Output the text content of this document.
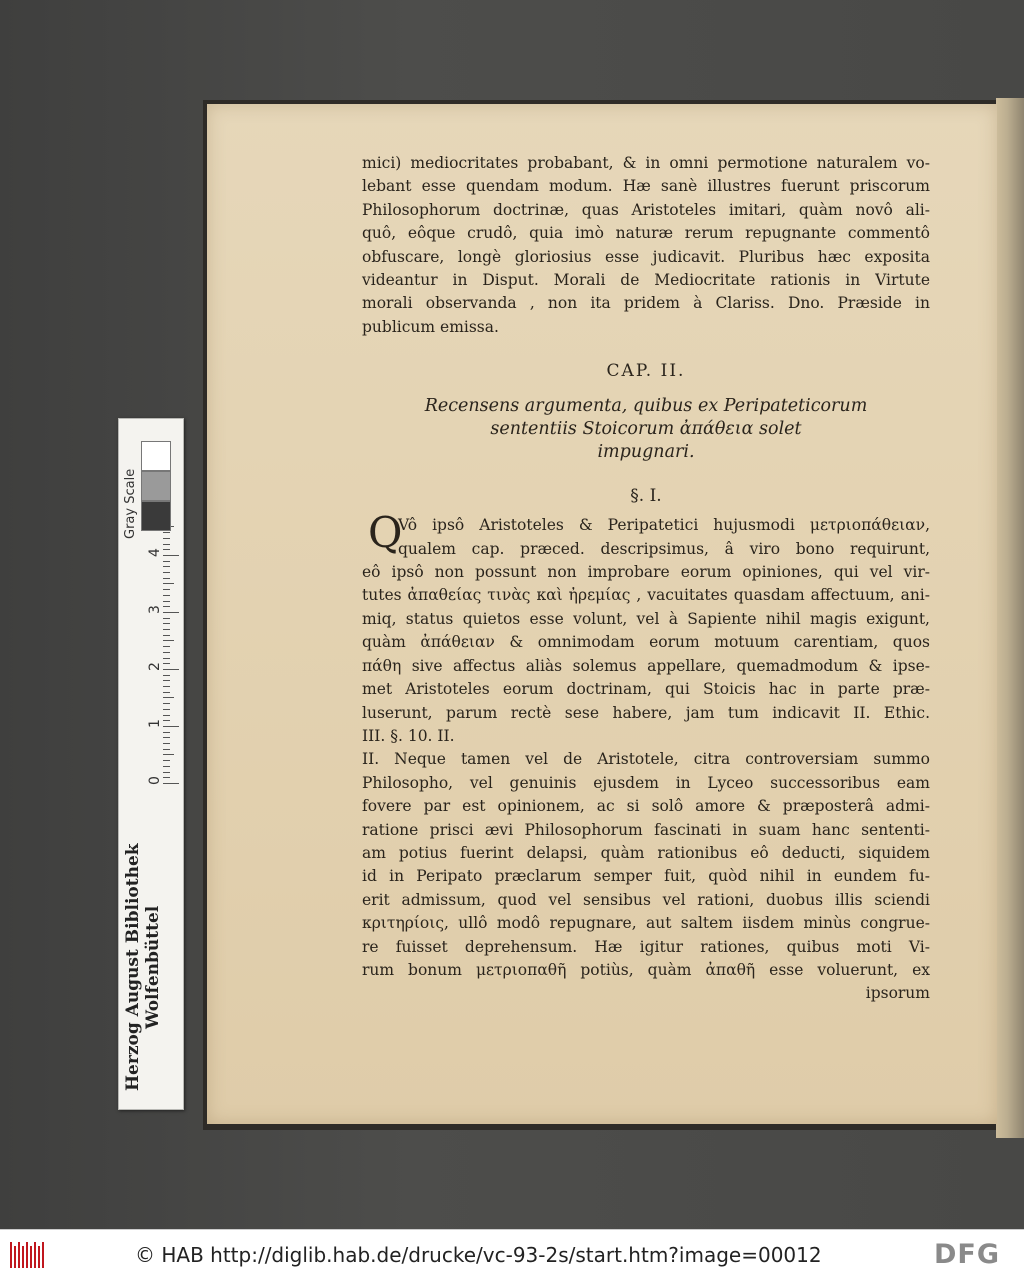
mici) mediocritates probabant, & in omni permotione naturalem vo-
lebant esse quendam modum. Hæ sanè illustres fuerunt priscorum
Philosophorum doctrinæ, quas Aristoteles imitari, quàm novô ali-
quô, eôque crudô, quia imò naturæ rerum repugnante commentô
obfuscare, longè gloriosius esse judicavit. Pluribus hæc exposita
videantur in Disput. Morali de Mediocritate rationis in Virtute
morali observanda , non ita pridem à Clariss. Dno. Præside in
publicum emissa.
CAP. II.
Recensens argumenta, quibus ex Peripateticorum
sententiis Stoicorum ἀπάθεια solet
impugnari.
§. I.
Q
Vô ipsô Aristoteles & Peripatetici hujusmodi μετριοπάθειαν,
qualem cap. præced. descripsimus, â viro bono requirunt,
eô ipsô non possunt non improbare eorum opiniones, qui vel vir-
tutes ἀπαθείας τινὰς καὶ ἠρεμίας , vacuitates quasdam affectuum, ani-
miq, status quietos esse volunt, vel à Sapiente nihil magis exigunt,
quàm ἀπάθειαν & omnimodam eorum motuum carentiam, quos
πάθη sive affectus aliàs solemus appellare, quemadmodum & ipse-
met Aristoteles eorum doctrinam, qui Stoicis hac in parte præ-
luserunt, parum rectè sese habere, jam tum indicavit II. Ethic.
III. §. 10. II.
II. Neque tamen vel de Aristotele, citra controversiam summo
Philosopho, vel genuinis ejusdem in Lyceo successoribus eam
fovere par est opinionem, ac si solô amore & præposterâ admi-
ratione prisci ævi Philosophorum fascinati in suam hanc sententi-
am potius fuerint delapsi, quàm rationibus eô deducti, siquidem
id in Peripato præclarum semper fuit, quòd nihil in eundem fu-
erit admissum, quod vel sensibus vel rationi, duobus illis sciendi
κριτηρίοις, ullô modô repugnare, aut saltem iisdem minùs congrue-
re fuisset deprehensum. Hæ igitur rationes, quibus moti Vi-
rum bonum μετριοπαθῆ potiùs, quàm ἀπαθῆ esse voluerunt, ex
ipsorum
Herzog August Bibliothek Wolfenbüttel
0
1
2
3
4
Gray Scale
© HAB http://diglib.hab.de/drucke/vc-93-2s/start.htm?image=00012	DFG
